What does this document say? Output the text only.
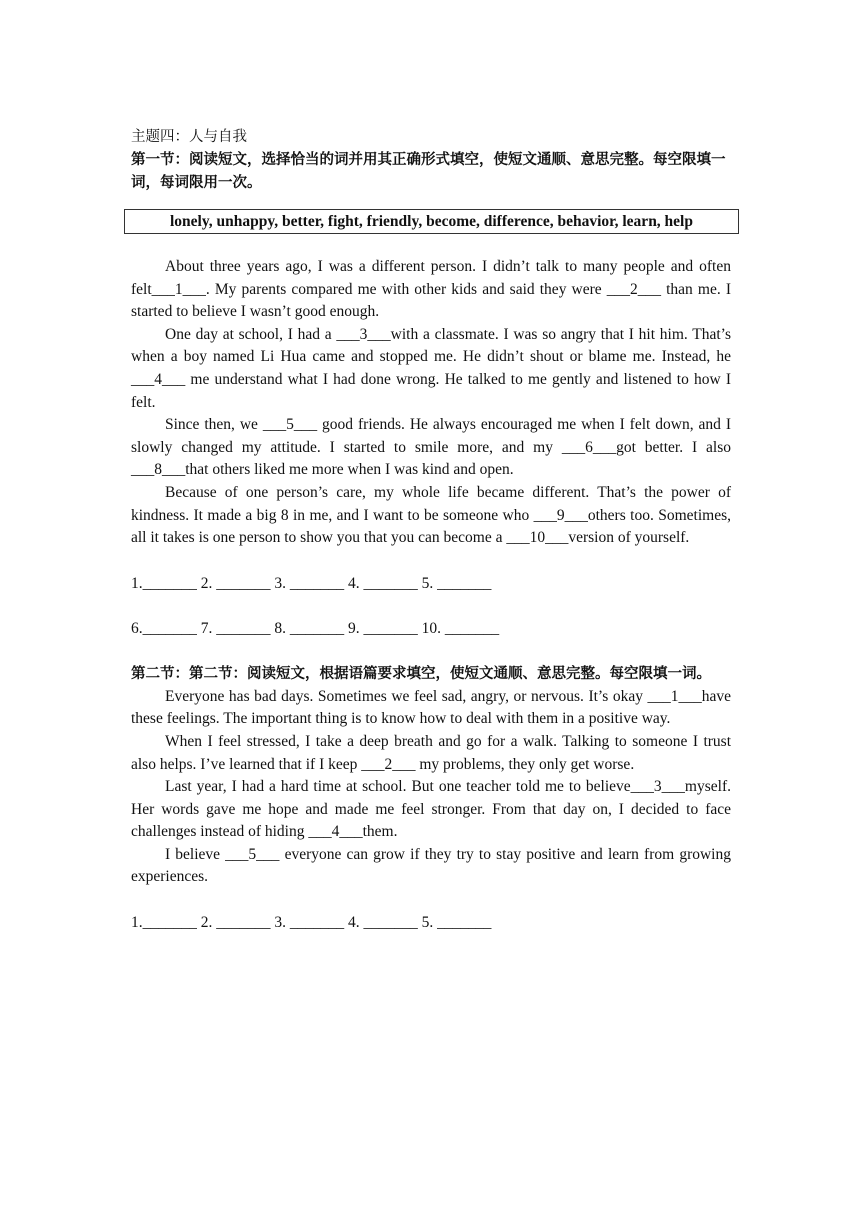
主题四：人与自我
第一节：阅读短文，选择恰当的词并用其正确形式填空，使短文通顺、意思完整。每空限填一词，每词限用一次。
lonely, unhappy, better, fight, friendly, become, difference, behavior, learn, help

About three years ago, I was a different person. I didn’t talk to many people and often felt___1___. My parents compared me with other kids and said they were ___2___ than me. I started to believe I wasn’t good enough.

One day at school, I had a ___3___with a classmate. I was so angry that I hit him. That’s when a boy named Li Hua came and stopped me. He didn’t shout or blame me. Instead, he ___4___ me understand what I had done wrong. He talked to me gently and listened to how I felt.

Since then, we ___5___ good friends. He always encouraged me when I felt down, and I slowly changed my attitude. I started to smile more, and my ___6___got better. I also ___8___that others liked me more when I was kind and open.

Because of one person’s care, my whole life became different. That’s the power of kindness. It made a big 8 in me, and I want to be someone who ___9___others too. Sometimes, all it takes is one person to show you that you can become a ___10___version of yourself.

1._______ 2. _______ 3. _______ 4. _______ 5. _______
6._______ 7. _______ 8. _______ 9. _______ 10. _______
第二节：第二节：阅读短文，根据语篇要求填空，使短文通顺、意思完整。每空限填一词。

Everyone has bad days. Sometimes we feel sad, angry, or nervous. It’s okay ___1___have these feelings. The important thing is to know how to deal with them in a positive way.

When I feel stressed, I take a deep breath and go for a walk. Talking to someone I trust also helps. I’ve learned that if I keep ___2___ my problems, they only get worse.

Last year, I had a hard time at school. But one teacher told me to believe___3___myself. Her words gave me hope and made me feel stronger. From that day on, I decided to face challenges instead of hiding ___4___them.

I believe ___5___ everyone can grow if they try to stay positive and learn from growing experiences.

1._______ 2. _______ 3. _______ 4. _______ 5. _______
